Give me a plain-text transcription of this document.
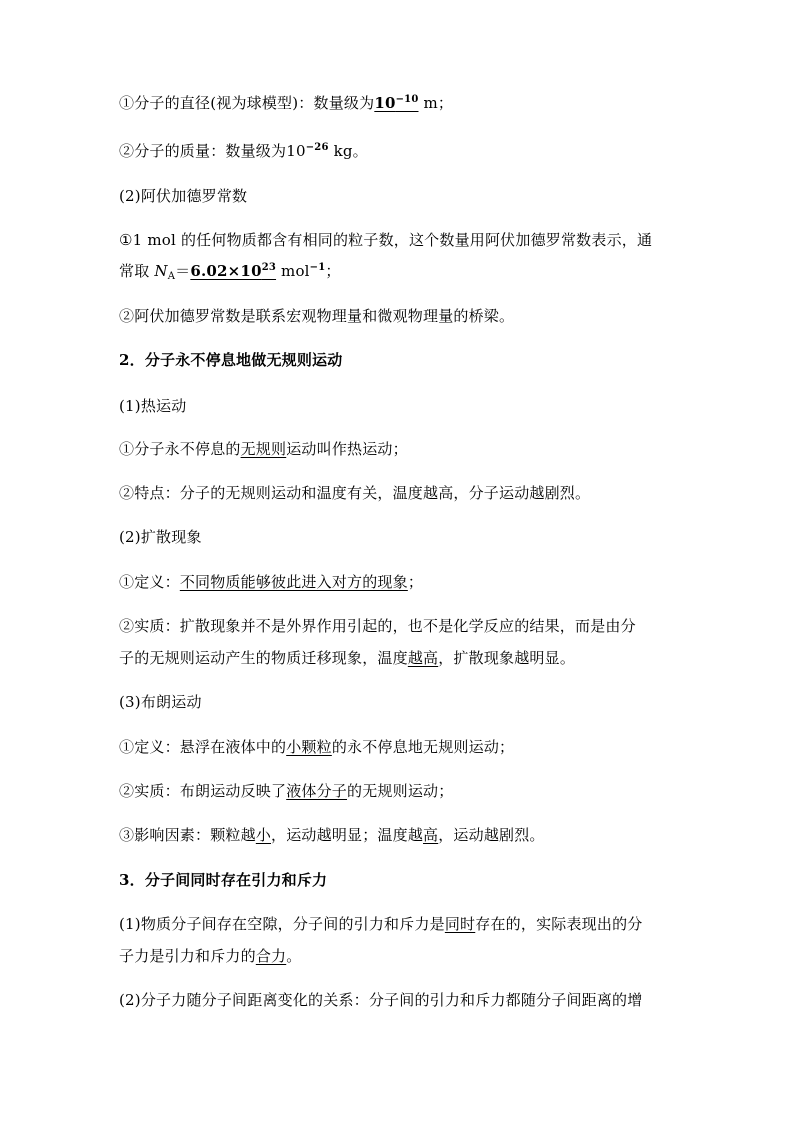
①分子的直径(视为球模型)：数量级为$10^{-10}$ m；
②分子的质量：数量级为$10^{-26}$ kg。
(2)阿伏加德罗常数
①1 mol 的任何物质都含有相同的粒子数，这个数量用阿伏加德罗常数表示，通
常取 $N_A=6.02\times 10^{23}$ mol$^{-1}$；
②阿伏加德罗常数是联系宏观物理量和微观物理量的桥梁。
2．分子永不停息地做无规则运动
(1)热运动
①分子永不停息的无规则运动叫作热运动；
②特点：分子的无规则运动和温度有关，温度越高，分子运动越剧烈。
(2)扩散现象
①定义：不同物质能够彼此进入对方的现象；
②实质：扩散现象并不是外界作用引起的，也不是化学反应的结果，而是由分
子的无规则运动产生的物质迁移现象，温度越高，扩散现象越明显。
(3)布朗运动
①定义：悬浮在液体中的小颗粒的永不停息地无规则运动；
②实质：布朗运动反映了液体分子的无规则运动；
③影响因素：颗粒越小，运动越明显；温度越高，运动越剧烈。
3．分子间同时存在引力和斥力
(1)物质分子间存在空隙，分子间的引力和斥力是同时存在的，实际表现出的分
子力是引力和斥力的合力。
(2)分子力随分子间距离变化的关系：分子间的引力和斥力都随分子间距离的增
